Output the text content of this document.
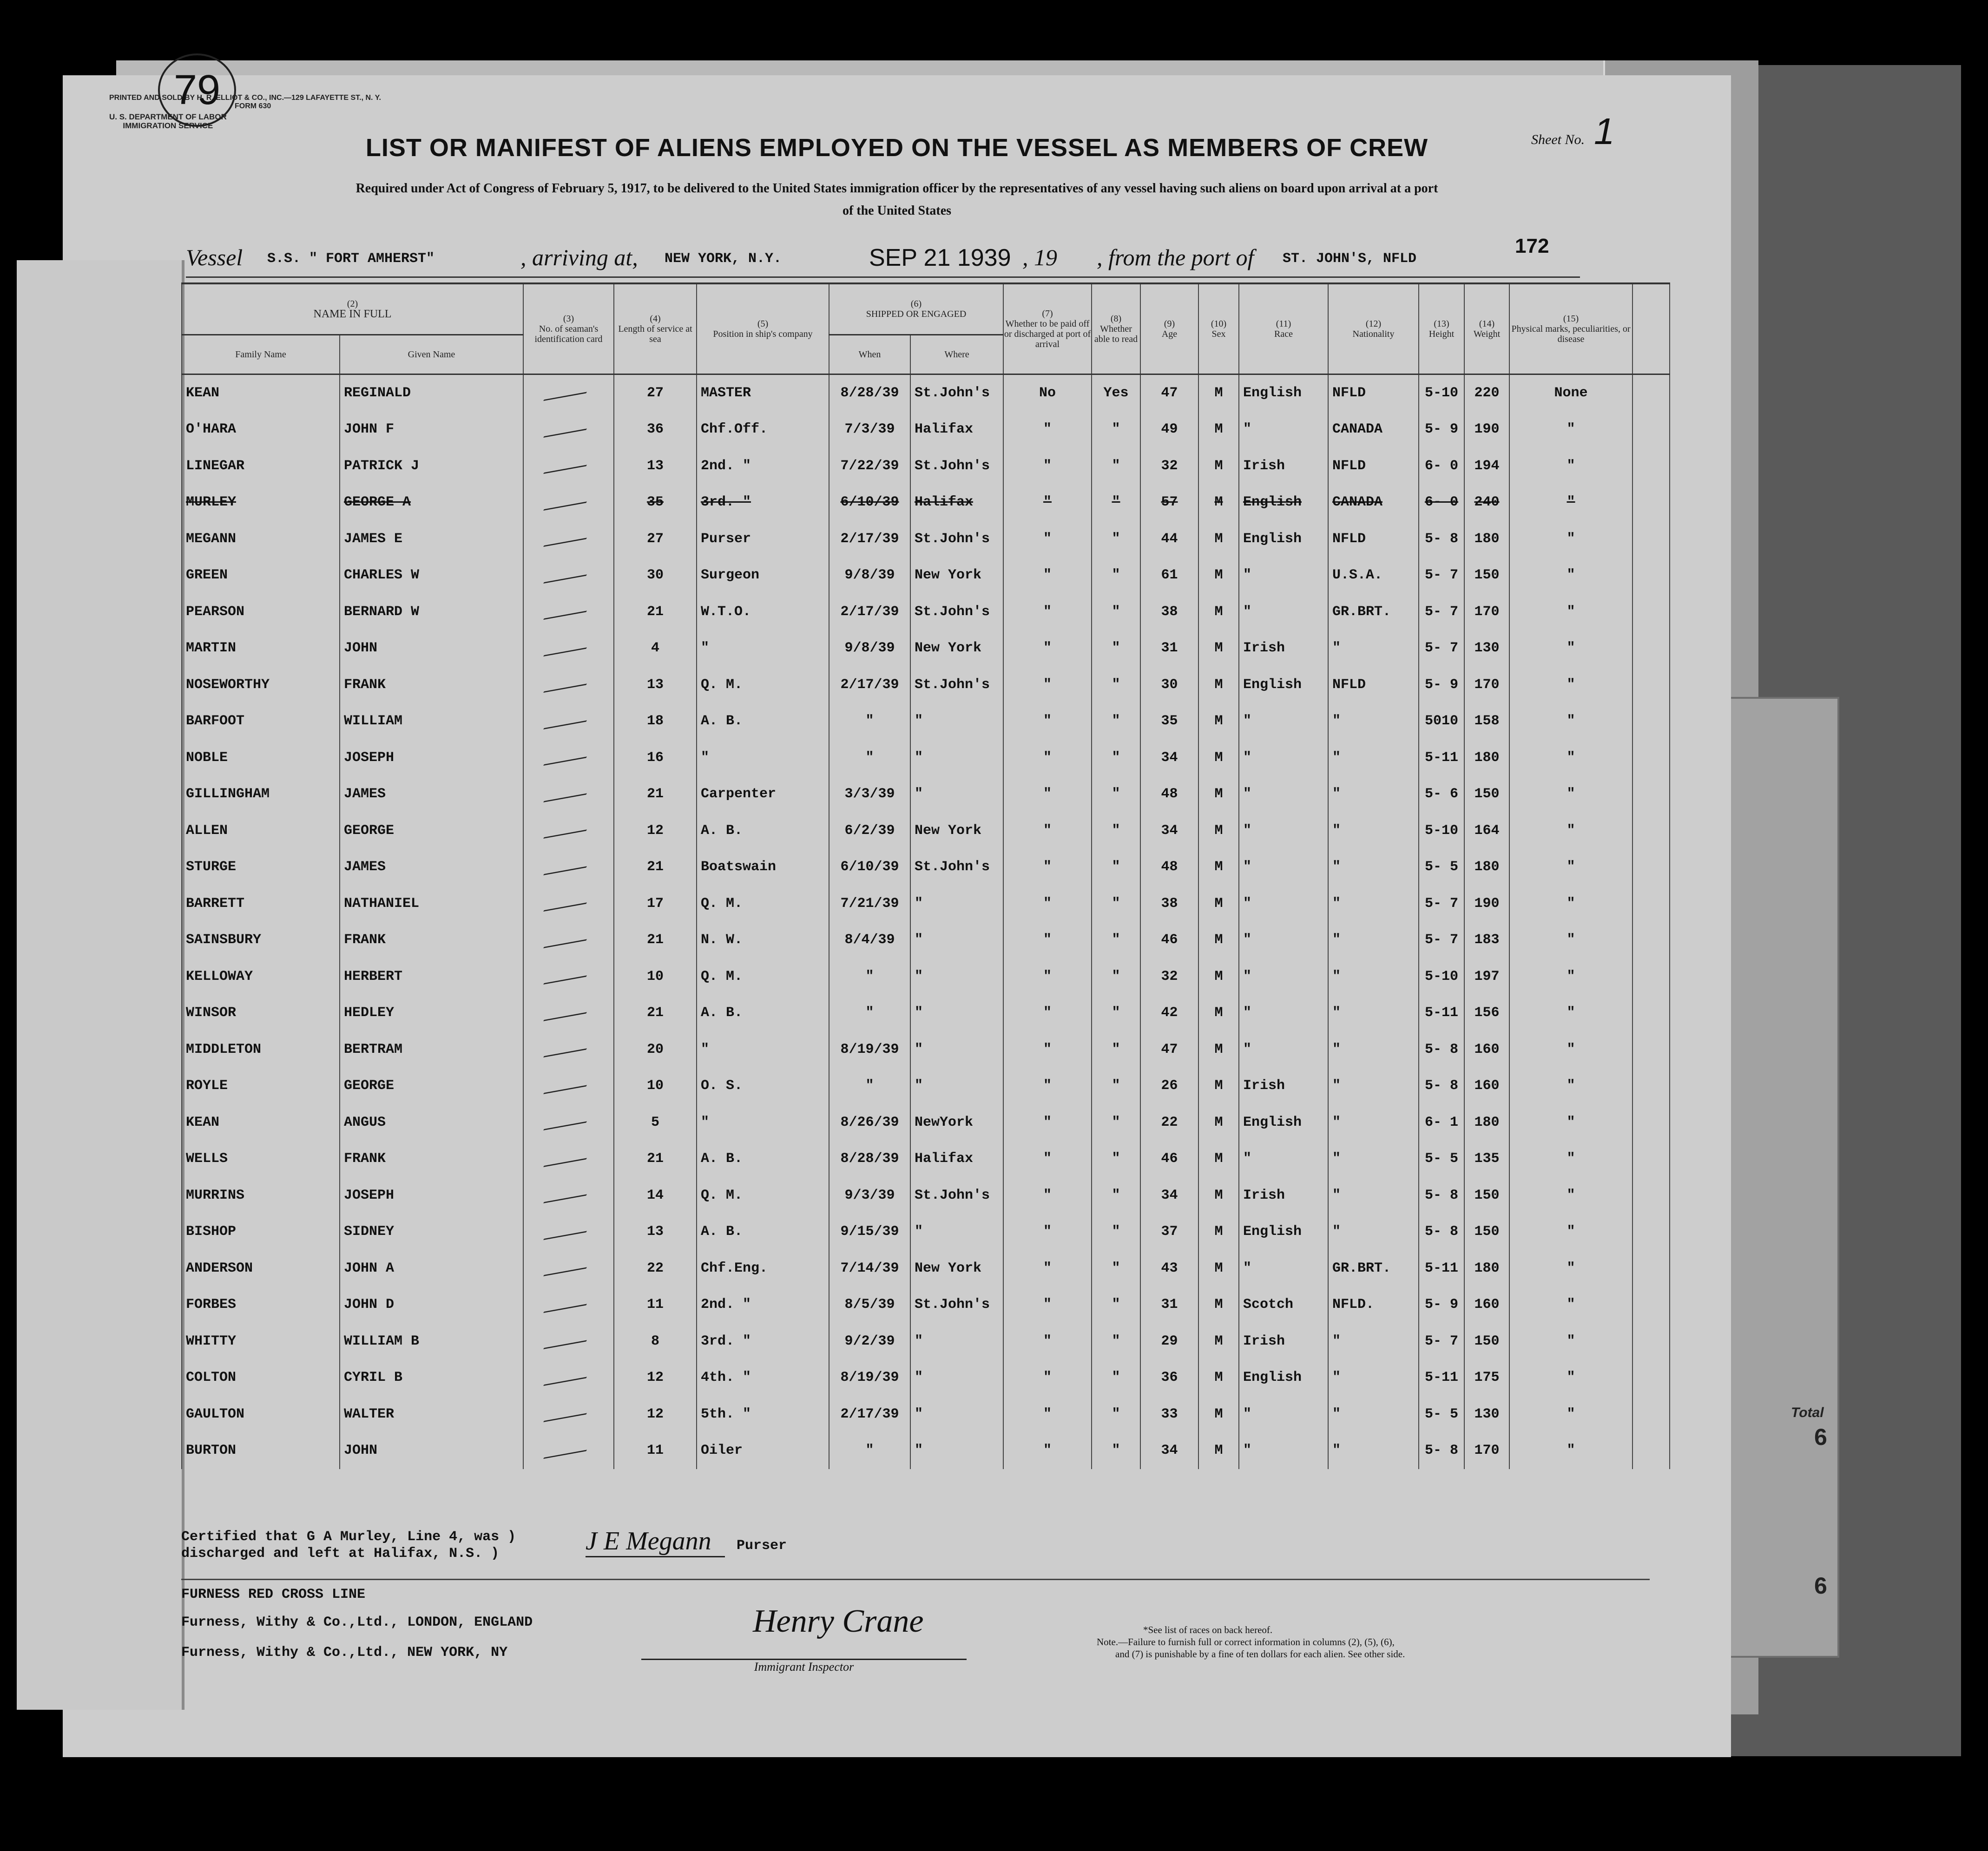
Total
6
6
PRINTED AND SOLD BY H. R. ELLIOT & CO., INC.—129 LAFAYETTE ST., N. Y.
FORM 630
U. S. DEPARTMENT OF LABOR
IMMIGRATION SERVICE
Sheet No. 1
LIST OR MANIFEST OF ALIENS EMPLOYED ON THE VESSEL AS MEMBERS OF CREW
Required under Act of Congress of February 5, 1917, to be delivered to the United States immigration officer by the representatives of any vessel having such aliens on board upon arrival at a port
of the United States
79
Vessel S.S. " FORT AMHERST"	, arriving at, NEW YORK, N.Y.	SEP 21 1939 , 19 , from the port of ST. JOHN'S, NFLD
172
(2)
NAME IN FULL		(3)
No. of seaman's identification card	(4)
Length of service at sea	(5)
Position in ship's company	(6)
SHIPPED OR ENGAGED		(7)
Whether to be paid off or discharged at port of arrival	(8)
Whether able to read	(9)
Age	(10)
Sex	(11)
Race	(12)
Nationality	(13)
Height	(14)
Weight	(15)
Physical marks, peculiarities, or disease	
Family Name	Given Name				When	Where										
KEAN	REGINALD		27	MASTER	8/28/39	St.John's	No	Yes	47	M	English	NFLD	5-10	220	None	
O'HARA	JOHN F		36	Chf.Off.	7/3/39	Halifax	"	"	49	M	"	CANADA	5- 9	190	"	
LINEGAR	PATRICK J		13	2nd. "	7/22/39	St.John's	"	"	32	M	Irish	NFLD	6- 0	194	"	
MURLEY	GEORGE A		35	3rd. "	6/10/39	Halifax	"	"	57	M	English	CANADA	6- 0	240	"	
MEGANN	JAMES E		27	Purser	2/17/39	St.John's	"	"	44	M	English	NFLD	5- 8	180	"	
GREEN	CHARLES W		30	Surgeon	9/8/39	New York	"	"	61	M	"	U.S.A.	5- 7	150	"	
PEARSON	BERNARD W		21	W.T.O.	2/17/39	St.John's	"	"	38	M	"	GR.BRT.	5- 7	170	"	
MARTIN	JOHN		4	"	9/8/39	New York	"	"	31	M	Irish	"	5- 7	130	"	
NOSEWORTHY	FRANK		13	Q. M.	2/17/39	St.John's	"	"	30	M	English	NFLD	5- 9	170	"	
BARFOOT	WILLIAM		18	A. B.	"	"	"	"	35	M	"	"	5010	158	"	
NOBLE	JOSEPH		16	"	"	"	"	"	34	M	"	"	5-11	180	"	
GILLINGHAM	JAMES		21	Carpenter	3/3/39	"	"	"	48	M	"	"	5- 6	150	"	
ALLEN	GEORGE		12	A. B.	6/2/39	New York	"	"	34	M	"	"	5-10	164	"	
STURGE	JAMES		21	Boatswain	6/10/39	St.John's	"	"	48	M	"	"	5- 5	180	"	
BARRETT	NATHANIEL		17	Q. M.	7/21/39	"	"	"	38	M	"	"	5- 7	190	"	
SAINSBURY	FRANK		21	N. W.	8/4/39	"	"	"	46	M	"	"	5- 7	183	"	
KELLOWAY	HERBERT		10	Q. M.	"	"	"	"	32	M	"	"	5-10	197	"	
WINSOR	HEDLEY		21	A. B.	"	"	"	"	42	M	"	"	5-11	156	"	
MIDDLETON	BERTRAM		20	"	8/19/39	"	"	"	47	M	"	"	5- 8	160	"	
ROYLE	GEORGE		10	O. S.	"	"	"	"	26	M	Irish	"	5- 8	160	"	
KEAN	ANGUS		5	"	8/26/39	NewYork	"	"	22	M	English	"	6- 1	180	"	
WELLS	FRANK		21	A. B.	8/28/39	Halifax	"	"	46	M	"	"	5- 5	135	"	
MURRINS	JOSEPH		14	Q. M.	9/3/39	St.John's	"	"	34	M	Irish	"	5- 8	150	"	
BISHOP	SIDNEY		13	A. B.	9/15/39	"	"	"	37	M	English	"	5- 8	150	"	
ANDERSON	JOHN A		22	Chf.Eng.	7/14/39	New York	"	"	43	M	"	GR.BRT.	5-11	180	"	
FORBES	JOHN D		11	2nd. "	8/5/39	St.John's	"	"	31	M	Scotch	NFLD.	5- 9	160	"	
WHITTY	WILLIAM B		8	3rd. "	9/2/39	"	"	"	29	M	Irish	"	5- 7	150	"	
COLTON	CYRIL B		12	4th. "	8/19/39	"	"	"	36	M	English	"	5-11	175	"	
GAULTON	WALTER		12	5th. "	2/17/39	"	"	"	33	M	"	"	5- 5	130	"	
BURTON	JOHN		11	Oiler	"	"	"	"	34	M	"	"	5- 8	170	"	
Certified that G A Murley, Line 4, was )
discharged and left at Halifax, N.S. )	J E Megann	Purser
FURNESS RED CROSS LINE
Furness, Withy & Co.,Ltd., LONDON, ENGLAND
Furness, Withy & Co.,Ltd., NEW YORK, NY
Henry Crane
Immigrant Inspector
*See list of races on back hereof.
Note.—Failure to furnish full or correct information in columns (2), (5), (6),
and (7) is punishable by a fine of ten dollars for each alien. See other side.
